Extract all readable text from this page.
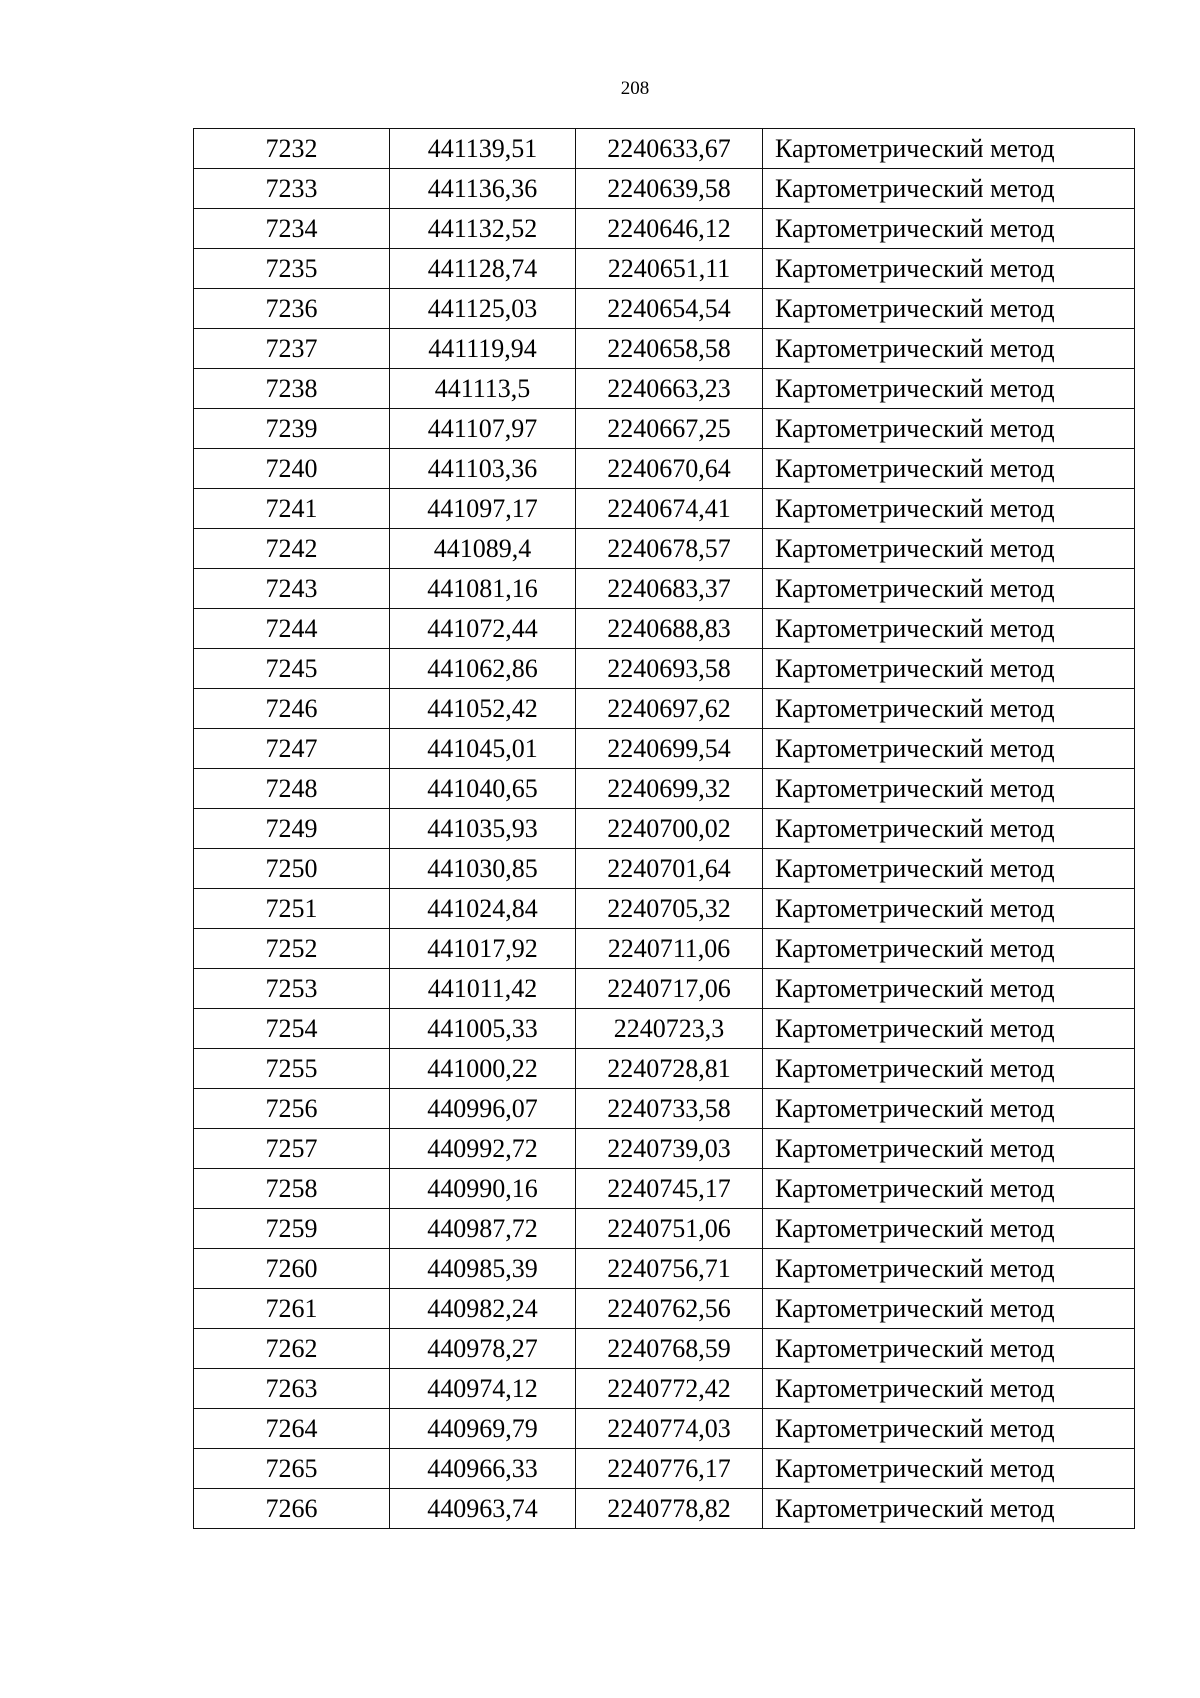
208
7232	441139,51	2240633,67	Картометрический метод
7233	441136,36	2240639,58	Картометрический метод
7234	441132,52	2240646,12	Картометрический метод
7235	441128,74	2240651,11	Картометрический метод
7236	441125,03	2240654,54	Картометрический метод
7237	441119,94	2240658,58	Картометрический метод
7238	441113,5	2240663,23	Картометрический метод
7239	441107,97	2240667,25	Картометрический метод
7240	441103,36	2240670,64	Картометрический метод
7241	441097,17	2240674,41	Картометрический метод
7242	441089,4	2240678,57	Картометрический метод
7243	441081,16	2240683,37	Картометрический метод
7244	441072,44	2240688,83	Картометрический метод
7245	441062,86	2240693,58	Картометрический метод
7246	441052,42	2240697,62	Картометрический метод
7247	441045,01	2240699,54	Картометрический метод
7248	441040,65	2240699,32	Картометрический метод
7249	441035,93	2240700,02	Картометрический метод
7250	441030,85	2240701,64	Картометрический метод
7251	441024,84	2240705,32	Картометрический метод
7252	441017,92	2240711,06	Картометрический метод
7253	441011,42	2240717,06	Картометрический метод
7254	441005,33	2240723,3	Картометрический метод
7255	441000,22	2240728,81	Картометрический метод
7256	440996,07	2240733,58	Картометрический метод
7257	440992,72	2240739,03	Картометрический метод
7258	440990,16	2240745,17	Картометрический метод
7259	440987,72	2240751,06	Картометрический метод
7260	440985,39	2240756,71	Картометрический метод
7261	440982,24	2240762,56	Картометрический метод
7262	440978,27	2240768,59	Картометрический метод
7263	440974,12	2240772,42	Картометрический метод
7264	440969,79	2240774,03	Картометрический метод
7265	440966,33	2240776,17	Картометрический метод
7266	440963,74	2240778,82	Картометрический метод
